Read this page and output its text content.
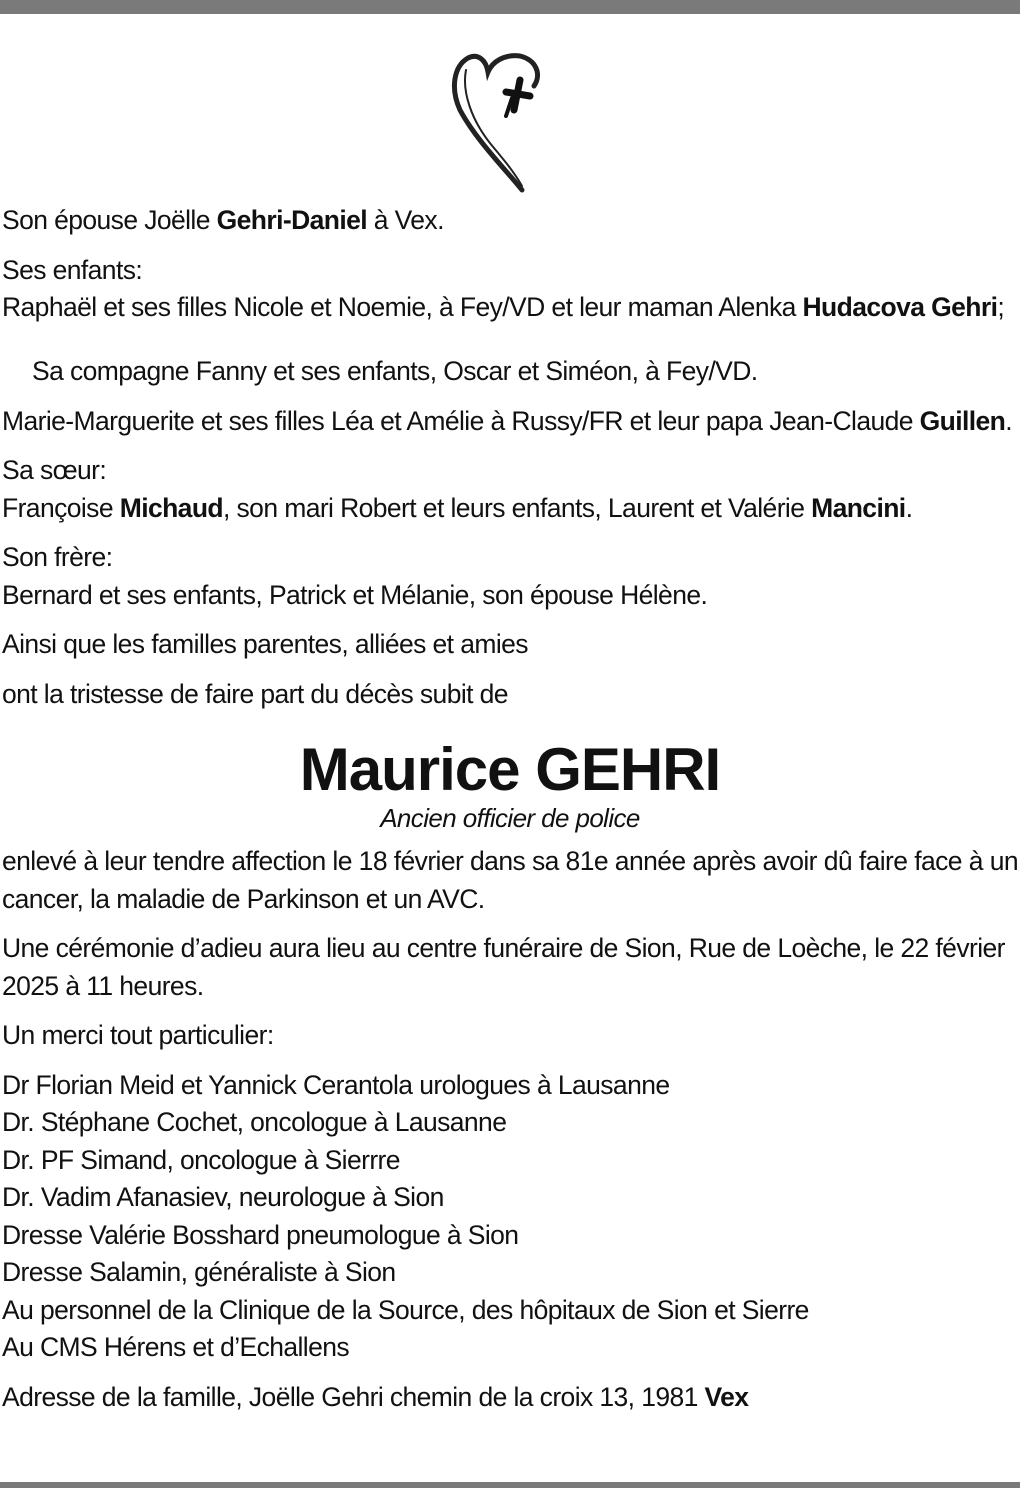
Son épouse Joëlle Gehri-Daniel à Vex.

Ses enfants:

Raphaël et ses filles Nicole et Noemie, à Fey/VD et leur maman Alenka Hudacova Gehri;

Sa compagne Fanny et ses enfants, Oscar et Siméon, à Fey/VD.

Marie-Marguerite et ses filles Léa et Amélie à Russy/FR et leur papa Jean-Claude Guillen.

Sa sœur:

Françoise Michaud, son mari Robert et leurs enfants, Laurent et Valérie Mancini.

Son frère:

Bernard et ses enfants, Patrick et Mélanie, son épouse Hélène.

Ainsi que les familles parentes, alliées et amies

ont la tristesse de faire part du décès subit de

Maurice GEHRI

Ancien officier de police

enlevé à leur tendre affection le 18 février dans sa 81e année après avoir dû faire face à un cancer, la maladie de Parkinson et un AVC.

Une cérémonie d’adieu aura lieu au centre funéraire de Sion, Rue de Loèche, le 22 février 2025 à 11 heures.

Un merci tout particulier:

Dr Florian Meid et Yannick Cerantola urologues à Lausanne

Dr. Stéphane Cochet, oncologue à Lausanne

Dr. PF Simand, oncologue à Sierrre

Dr. Vadim Afanasiev, neurologue à Sion

Dresse Valérie Bosshard pneumologue à Sion

Dresse Salamin, généraliste à Sion

Au personnel de la Clinique de la Source, des hôpitaux de Sion et Sierre

Au CMS Hérens et d’Echallens

Adresse de la famille, Joëlle Gehri chemin de la croix 13, 1981 Vex
